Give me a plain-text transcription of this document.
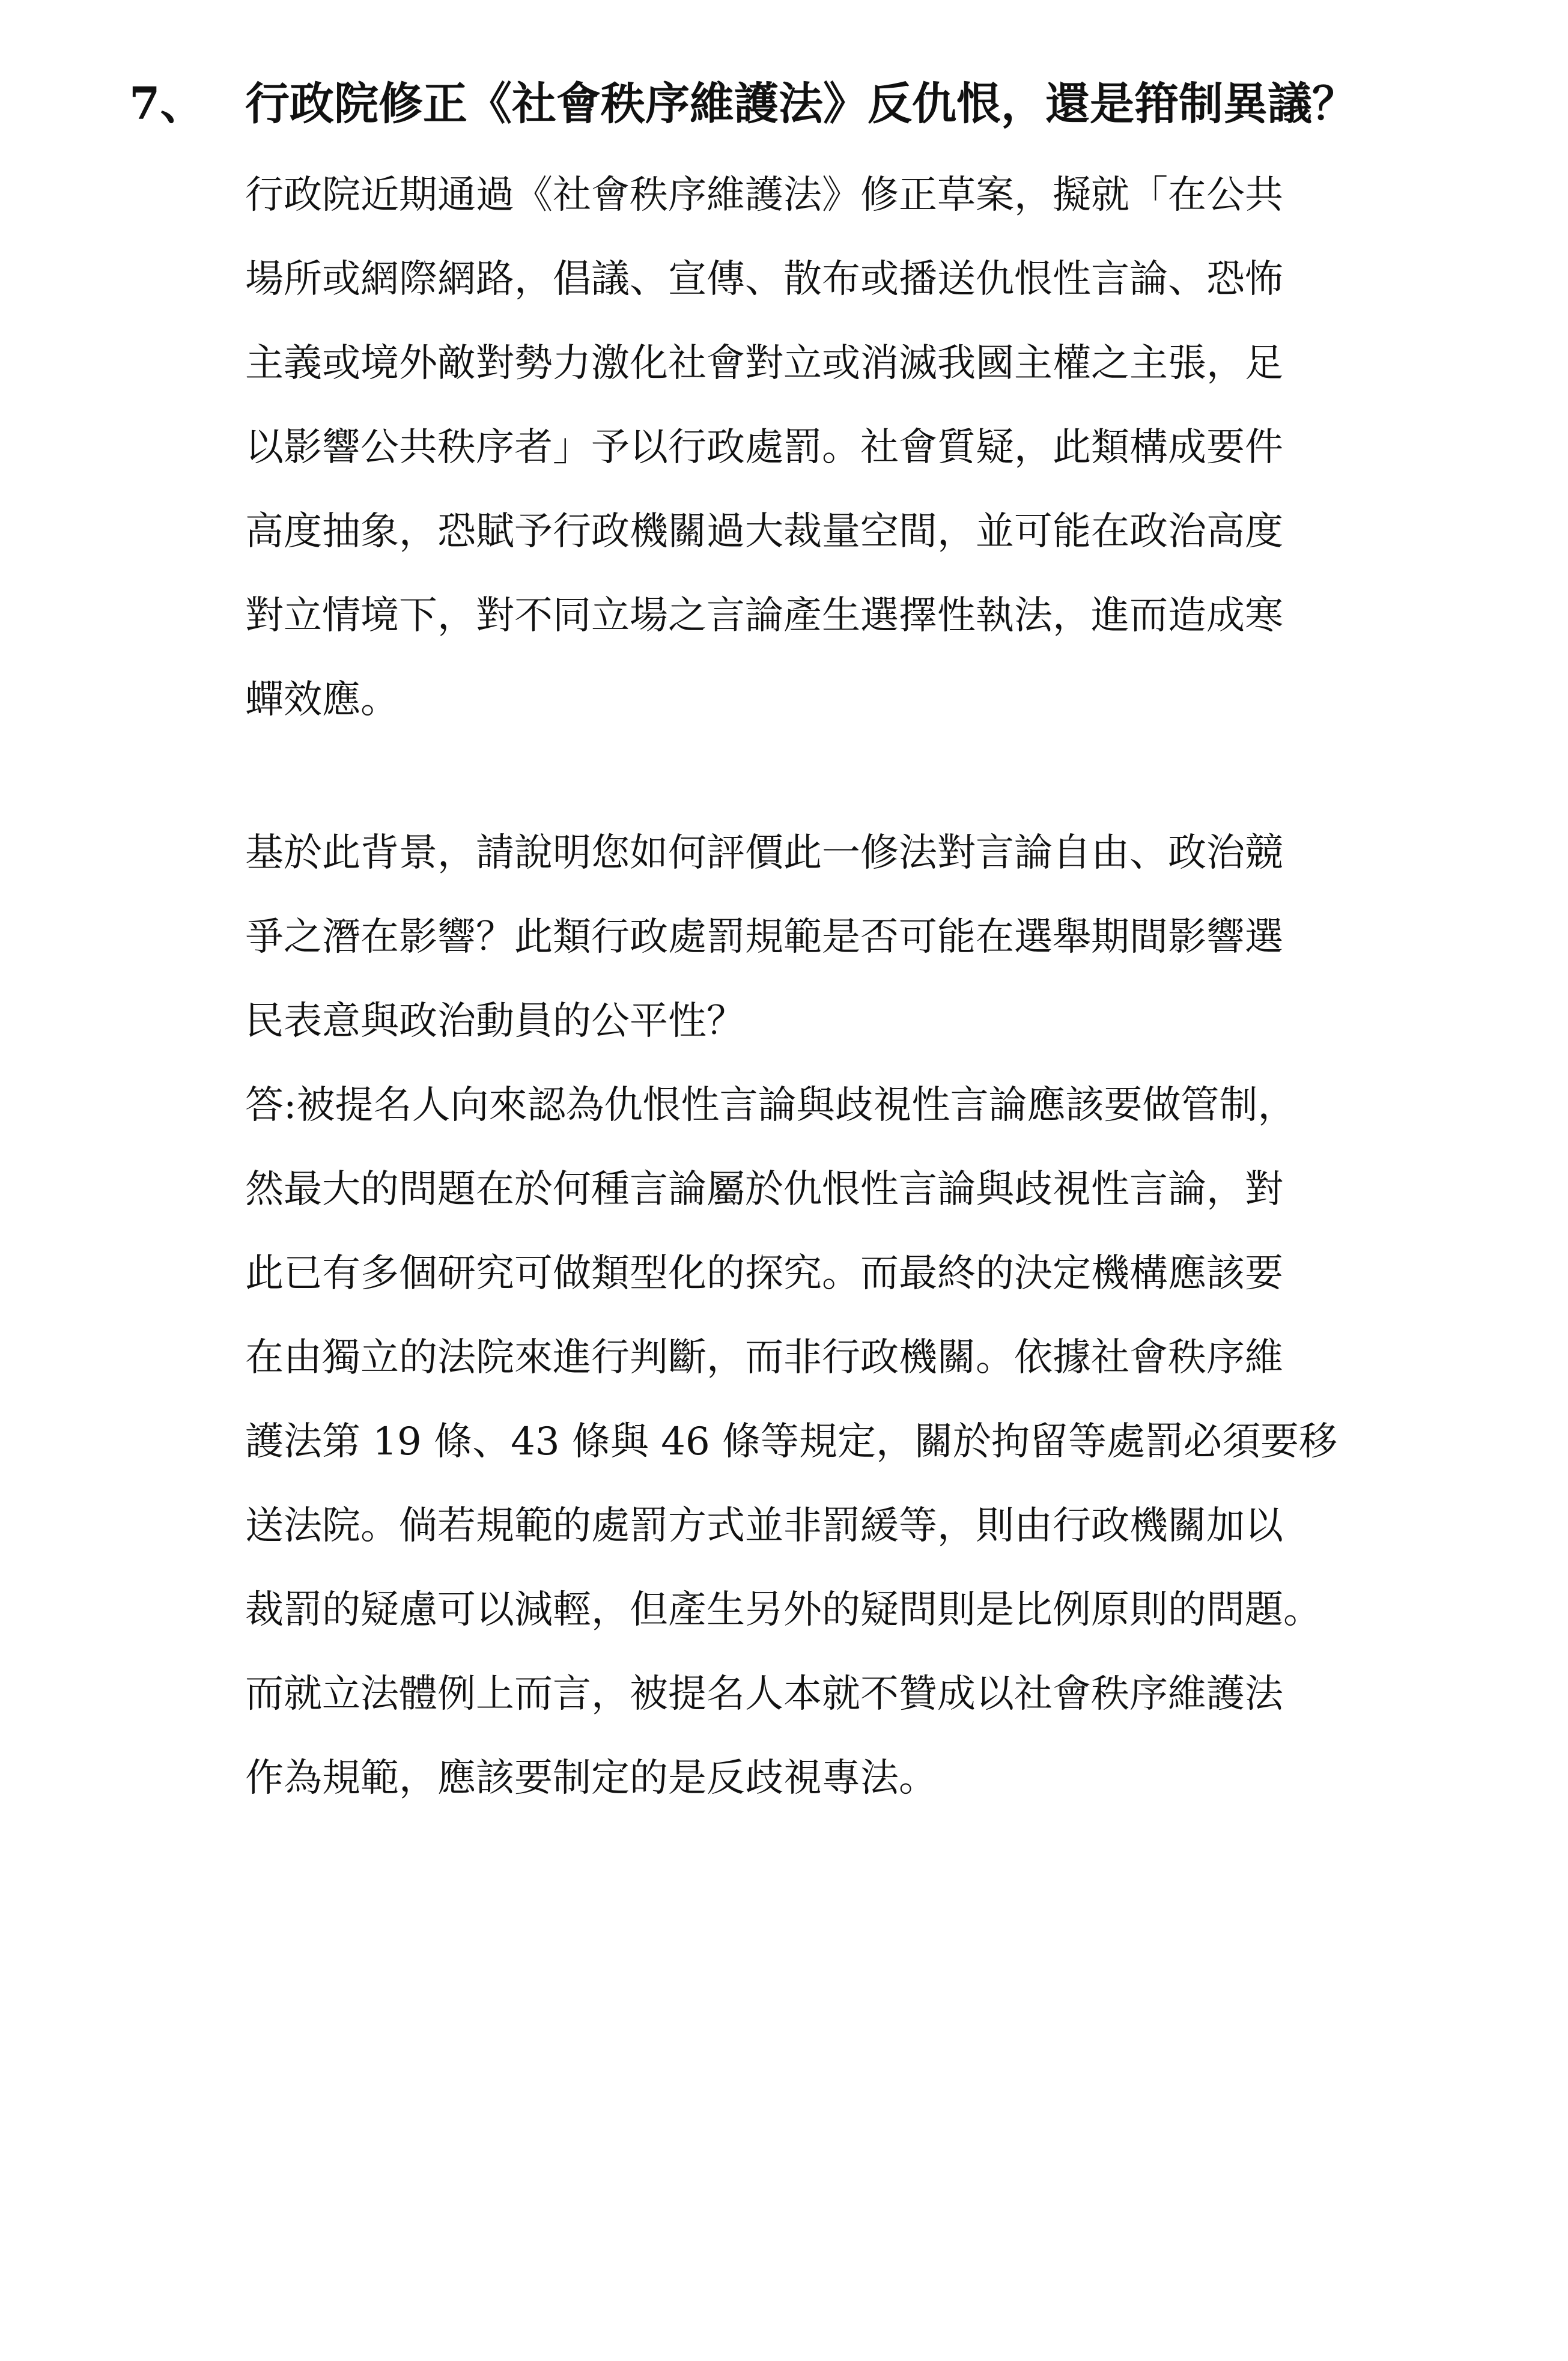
7、 行政院修正《社會秩序維護法》反仇恨，還是箝制異議？
行政院近期通過《社會秩序維護法》修正草案，擬就「在公共
場所或網際網路，倡議、宣傳、散布或播送仇恨性言論、恐怖
主義或境外敵對勢力激化社會對立或消滅我國主權之主張，足
以影響公共秩序者」予以行政處罰。社會質疑，此類構成要件
高度抽象，恐賦予行政機關過大裁量空間，並可能在政治高度
對立情境下，對不同立場之言論產生選擇性執法，進而造成寒
蟬效應。
基於此背景，請說明您如何評價此一修法對言論自由、政治競
爭之潛在影響？此類行政處罰規範是否可能在選舉期間影響選
民表意與政治動員的公平性？
答:被提名人向來認為仇恨性言論與歧視性言論應該要做管制，
然最大的問題在於何種言論屬於仇恨性言論與歧視性言論，對
此已有多個研究可做類型化的探究。而最終的決定機構應該要
在由獨立的法院來進行判斷，而非行政機關。依據社會秩序維
護法第 19 條、43 條與 46 條等規定，關於拘留等處罰必須要移
送法院。倘若規範的處罰方式並非罰緩等，則由行政機關加以
裁罰的疑慮可以減輕，但產生另外的疑問則是比例原則的問題。
而就立法體例上而言，被提名人本就不贊成以社會秩序維護法
作為規範，應該要制定的是反歧視專法。
